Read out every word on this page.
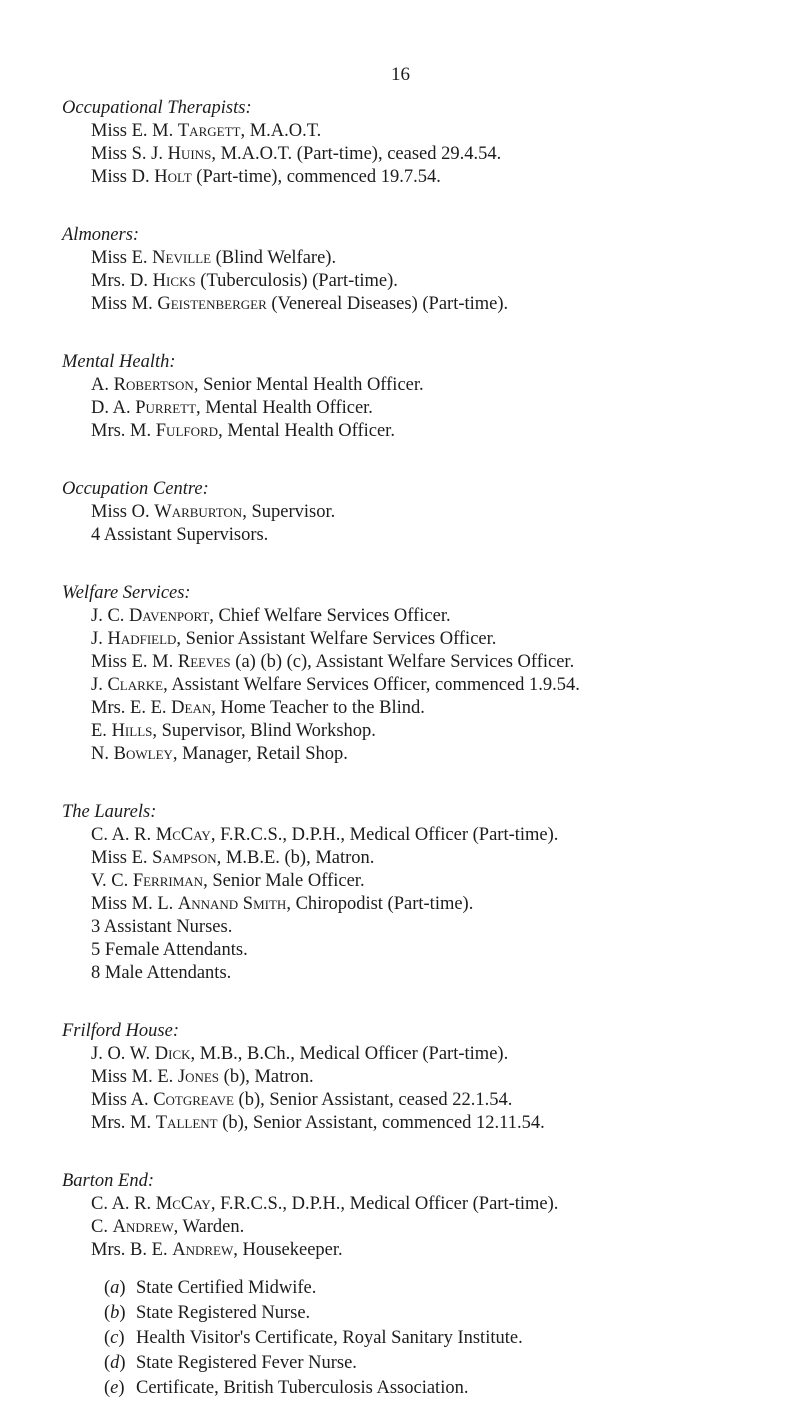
16
Occupational Therapists:
Miss E. M. Targett, M.A.O.T.
Miss S. J. Huins, M.A.O.T. (Part-time), ceased 29.4.54.
Miss D. Holt (Part-time), commenced 19.7.54.
Almoners:
Miss E. Neville (Blind Welfare).
Mrs. D. Hicks (Tuberculosis) (Part-time).
Miss M. Geistenberger (Venereal Diseases) (Part-time).
Mental Health:
A. Robertson, Senior Mental Health Officer.
D. A. Purrett, Mental Health Officer.
Mrs. M. Fulford, Mental Health Officer.
Occupation Centre:
Miss O. Warburton, Supervisor.
4 Assistant Supervisors.
Welfare Services:
J. C. Davenport, Chief Welfare Services Officer.
J. Hadfield, Senior Assistant Welfare Services Officer.
Miss E. M. Reeves (a) (b) (c), Assistant Welfare Services Officer.
J. Clarke, Assistant Welfare Services Officer, commenced 1.9.54.
Mrs. E. E. Dean, Home Teacher to the Blind.
E. Hills, Supervisor, Blind Workshop.
N. Bowley, Manager, Retail Shop.
The Laurels:
C. A. R. McCay, F.R.C.S., D.P.H., Medical Officer (Part-time).
Miss E. Sampson, M.B.E. (b), Matron.
V. C. Ferriman, Senior Male Officer.
Miss M. L. Annand Smith, Chiropodist (Part-time).
3 Assistant Nurses.
5 Female Attendants.
8 Male Attendants.
Frilford House:
J. O. W. Dick, M.B., B.Ch., Medical Officer (Part-time).
Miss M. E. Jones (b), Matron.
Miss A. Cotgreave (b), Senior Assistant, ceased 22.1.54.
Mrs. M. Tallent (b), Senior Assistant, commenced 12.11.54.
Barton End:
C. A. R. McCay, F.R.C.S., D.P.H., Medical Officer (Part-time).
C. Andrew, Warden.
Mrs. B. E. Andrew, Housekeeper.
(a) State Certified Midwife.
(b) State Registered Nurse.
(c) Health Visitor's Certificate, Royal Sanitary Institute.
(d) State Registered Fever Nurse.
(e) Certificate, British Tuberculosis Association.
